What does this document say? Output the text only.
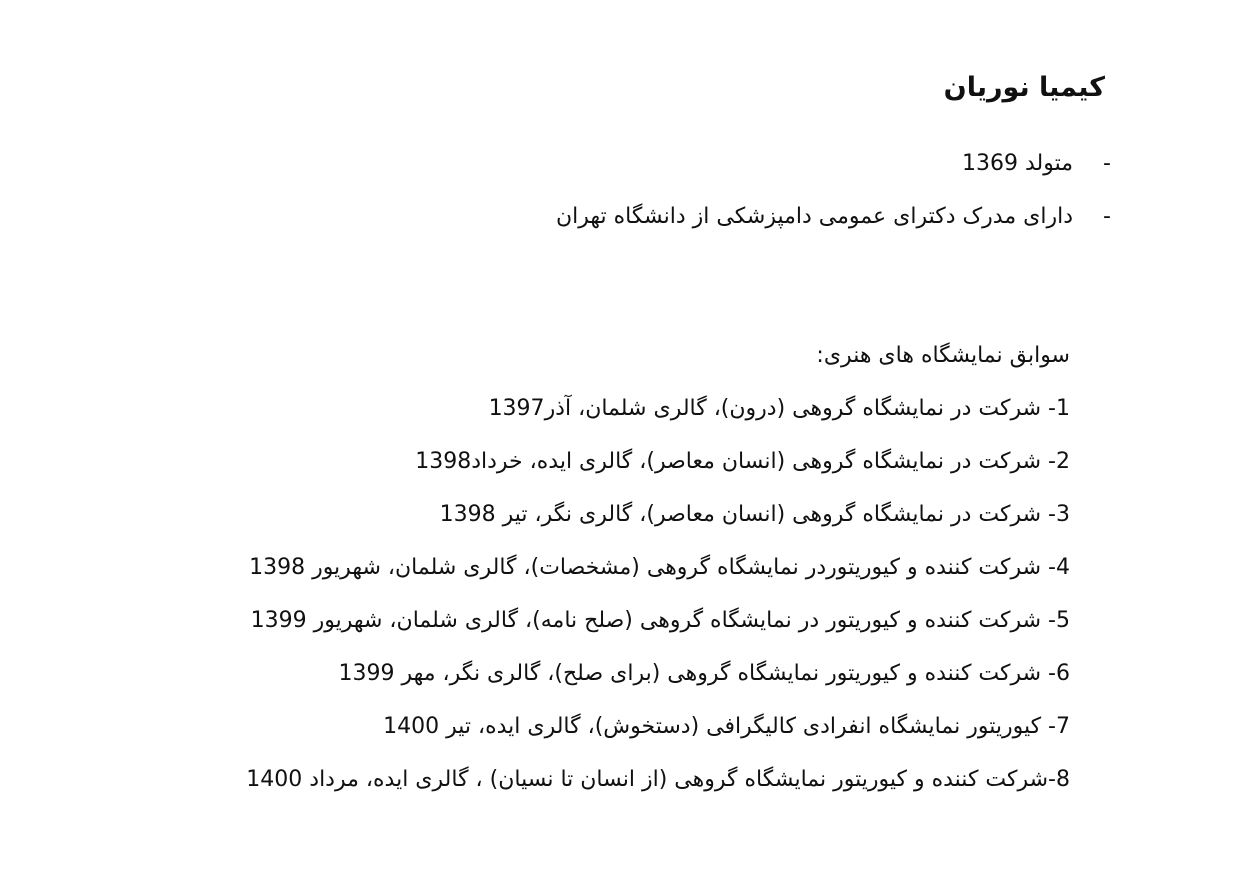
کیمیا نوریان
-
متولد 1369
-
دارای مدرک دکترای عمومی دامپزشکی از دانشگاه تهران
سوابق نمایشگاه های هنری:
1- شرکت در نمایشگاه گروهی (درون)، گالری شلمان، آذر1397
2- شرکت در نمایشگاه گروهی (انسان معاصر)، گالری ایده، خرداد1398
3- شرکت در نمایشگاه گروهی (انسان معاصر)، گالری نگر، تیر 1398
4- شرکت کننده و کیوریتوردر نمایشگاه گروهی (مشخصات)، گالری شلمان، شهریور 1398
5- شرکت کننده و کیوریتور در نمایشگاه گروهی (صلح نامه)، گالری شلمان، شهریور 1399
6- شرکت کننده و کیوریتور نمایشگاه گروهی (برای صلح)، گالری نگر، مهر 1399
7- کیوریتور نمایشگاه انفرادی کالیگرافی (دستخوش)، گالری ایده، تیر 1400
8-شرکت کننده و کیوریتور نمایشگاه گروهی (از انسان تا نسیان) ، گالری ایده، مرداد 1400
